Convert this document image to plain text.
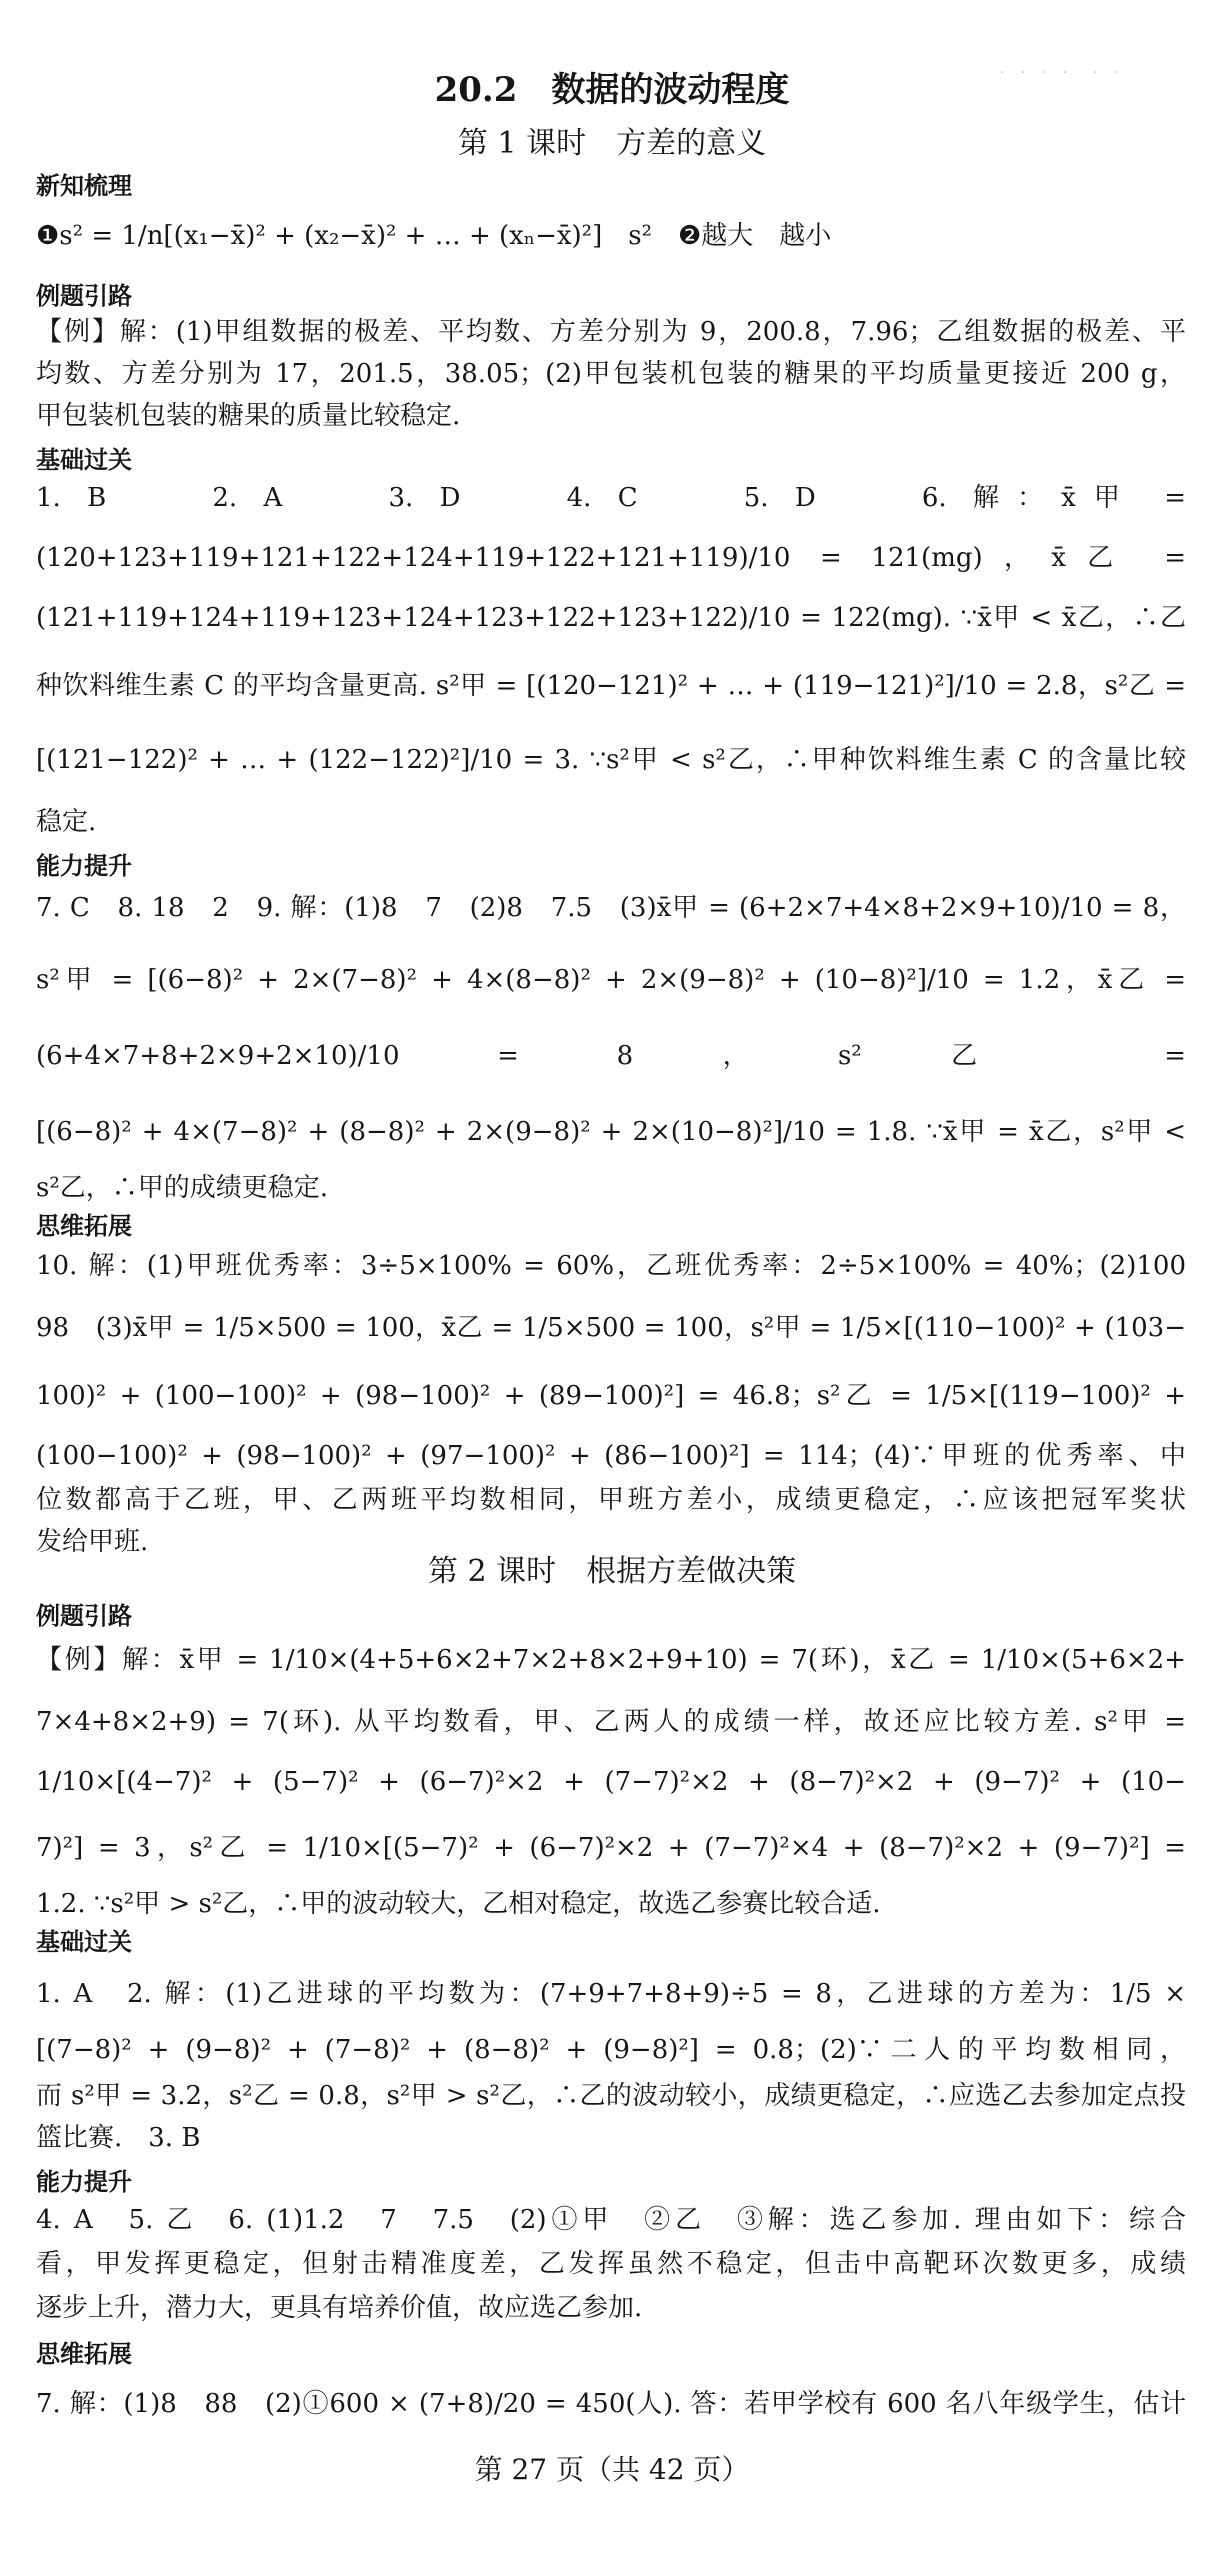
· · · ·　· ·
20.2　数据的波动程度
第 1 课时　方差的意义
新知梳理
❶s² = 1/n[(x₁−x̄)² + (x₂−x̄)² + … + (xₙ−x̄)²]　s²　❷越大　越小
例题引路
【例】解：(1)甲组数据的极差、平均数、方差分别为 9，200.8，7.96；乙组数据的极差、平
均数、方差分别为 17，201.5，38.05；(2)甲包装机包装的糖果的平均质量更接近 200 g，
甲包装机包装的糖果的质量比较稳定.
基础过关
1. B　　2. A　　3. D　　4. C　　5. D　　6. 解：x̄甲 =
(120+123+119+121+122+124+119+122+121+119)/10 = 121(mg)，x̄乙 =
(121+119+124+119+123+124+123+122+123+122)/10 = 122(mg). ∵x̄甲 < x̄乙，∴乙
种饮料维生素 C 的平均含量更高. s²甲 = [(120−121)² + … + (119−121)²]/10 = 2.8，s²乙 =
[(121−122)² + … + (122−122)²]/10 = 3. ∵s²甲 < s²乙，∴甲种饮料维生素 C 的含量比较
稳定.
能力提升
7. C　8. 18　2　9. 解：(1)8　7　(2)8　7.5　(3)x̄甲 = (6+2×7+4×8+2×9+10)/10 = 8，
s²甲 = [(6−8)² + 2×(7−8)² + 4×(8−8)² + 2×(9−8)² + (10−8)²]/10 = 1.2，x̄乙 =
(6+4×7+8+2×9+2×10)/10 = 8，s²乙 =
[(6−8)² + 4×(7−8)² + (8−8)² + 2×(9−8)² + 2×(10−8)²]/10 = 1.8. ∵x̄甲 = x̄乙，s²甲 <
s²乙，∴甲的成绩更稳定.
思维拓展
10. 解：(1)甲班优秀率：3÷5×100% = 60%，乙班优秀率：2÷5×100% = 40%；(2)100
98　(3)x̄甲 = 1/5×500 = 100，x̄乙 = 1/5×500 = 100，s²甲 = 1/5×[(110−100)² + (103−
100)² + (100−100)² + (98−100)² + (89−100)²] = 46.8；s²乙 = 1/5×[(119−100)² +
(100−100)² + (98−100)² + (97−100)² + (86−100)²] = 114；(4)∵甲班的优秀率、中
位数都高于乙班，甲、乙两班平均数相同，甲班方差小，成绩更稳定，∴应该把冠军奖状
发给甲班.
第 2 课时　根据方差做决策
例题引路
【例】解：x̄甲 = 1/10×(4+5+6×2+7×2+8×2+9+10) = 7(环)，x̄乙 = 1/10×(5+6×2+
7×4+8×2+9) = 7(环). 从平均数看，甲、乙两人的成绩一样，故还应比较方差. s²甲 =
1/10×[(4−7)² + (5−7)² + (6−7)²×2 + (7−7)²×2 + (8−7)²×2 + (9−7)² + (10−
7)²] = 3，s²乙 = 1/10×[(5−7)² + (6−7)²×2 + (7−7)²×4 + (8−7)²×2 + (9−7)²] =
1.2. ∵s²甲 > s²乙，∴甲的波动较大，乙相对稳定，故选乙参赛比较合适.
基础过关
1. A　2. 解：(1)乙进球的平均数为：(7+9+7+8+9)÷5 = 8，乙进球的方差为：1/5 ×
[(7−8)² + (9−8)² + (7−8)² + (8−8)² + (9−8)²] = 0.8；(2)∵二人的平均数相同，
而 s²甲 = 3.2，s²乙 = 0.8，s²甲 > s²乙，∴乙的波动较小，成绩更稳定，∴应选乙去参加定点投
篮比赛.　3. B
能力提升
4. A　5. 乙　6. (1)1.2　7　7.5　(2)①甲　②乙　③解：选乙参加. 理由如下：综合
看，甲发挥更稳定，但射击精准度差，乙发挥虽然不稳定，但击中高靶环次数更多，成绩
逐步上升，潜力大，更具有培养价值，故应选乙参加.
思维拓展
7. 解：(1)8　88　(2)①600 × (7+8)/20 = 450(人). 答：若甲学校有 600 名八年级学生，估计
第 27 页（共 42 页）
